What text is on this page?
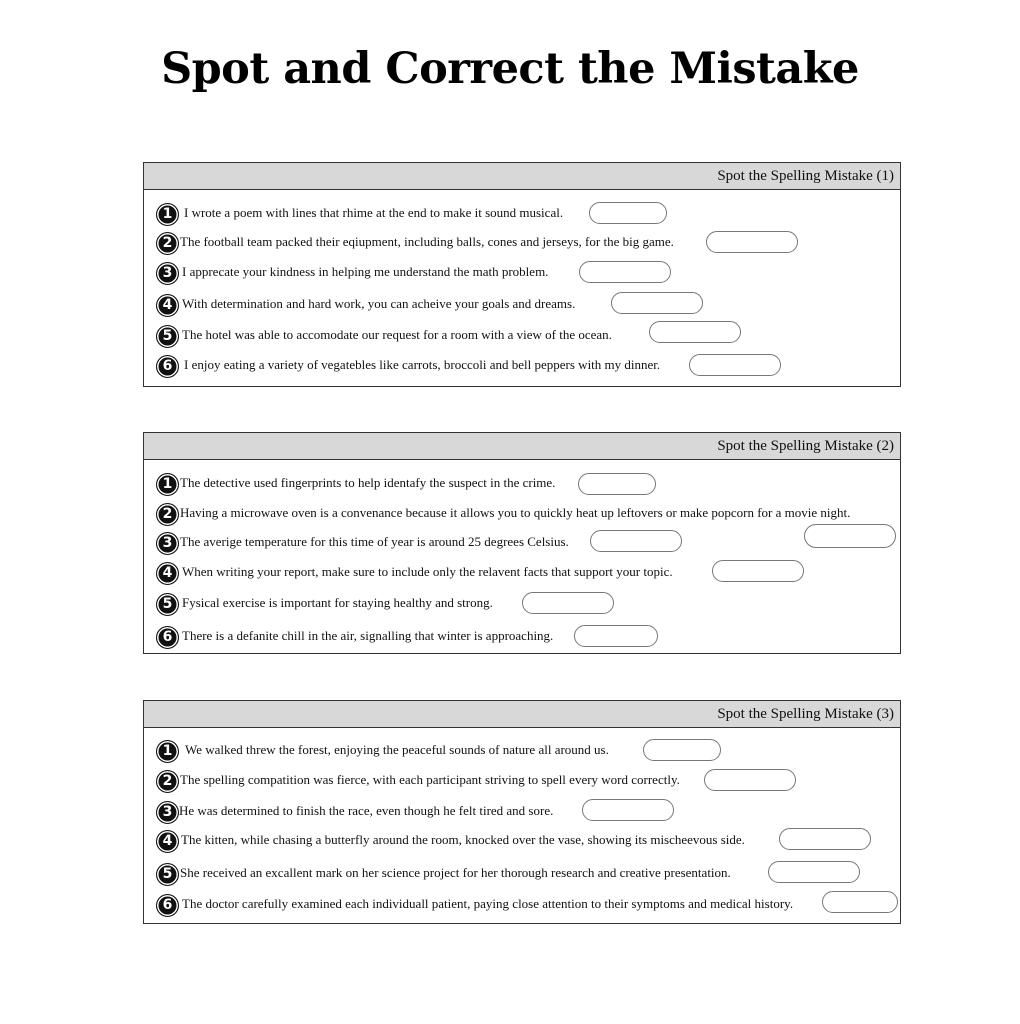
Spot and Correct the Mistake
Spot the Spelling Mistake (1)
1 I wrote a poem with lines that rhime at the end to make it sound musical.
2 The football team packed their eqiupment, including balls, cones and jerseys, for the big game.
3 I apprecate your kindness in helping me understand the math problem.
4 With determination and hard work, you can acheive your goals and dreams.
5 The hotel was able to accomodate our request for a room with a view of the ocean.
6 I enjoy eating a variety of vegatebles like carrots, broccoli and bell peppers with my dinner.
Spot the Spelling Mistake (2)
1 The detective used fingerprints to help identafy the suspect in the crime.
2 Having a microwave oven is a convenance because it allows you to quickly heat up leftovers or make popcorn for a movie night.
3 The averige temperature for this time of year is around 25 degrees Celsius.
4 When writing your report, make sure to include only the relavent facts that support your topic.
5 Fysical exercise is important for staying healthy and strong.
6 There is a defanite chill in the air, signalling that winter is approaching.
Spot the Spelling Mistake (3)
1 We walked threw the forest, enjoying the peaceful sounds of nature all around us.
2 The spelling compatition was fierce, with each participant striving to spell every word correctly.
3 He was determined to finish the race, even though he felt tired and sore.
4 The kitten, while chasing a butterfly around the room, knocked over the vase, showing its mischeevous side.
5 She received an excallent mark on her science project for her thorough research and creative presentation.
6 The doctor carefully examined each individuall patient, paying close attention to their symptoms and medical history.
